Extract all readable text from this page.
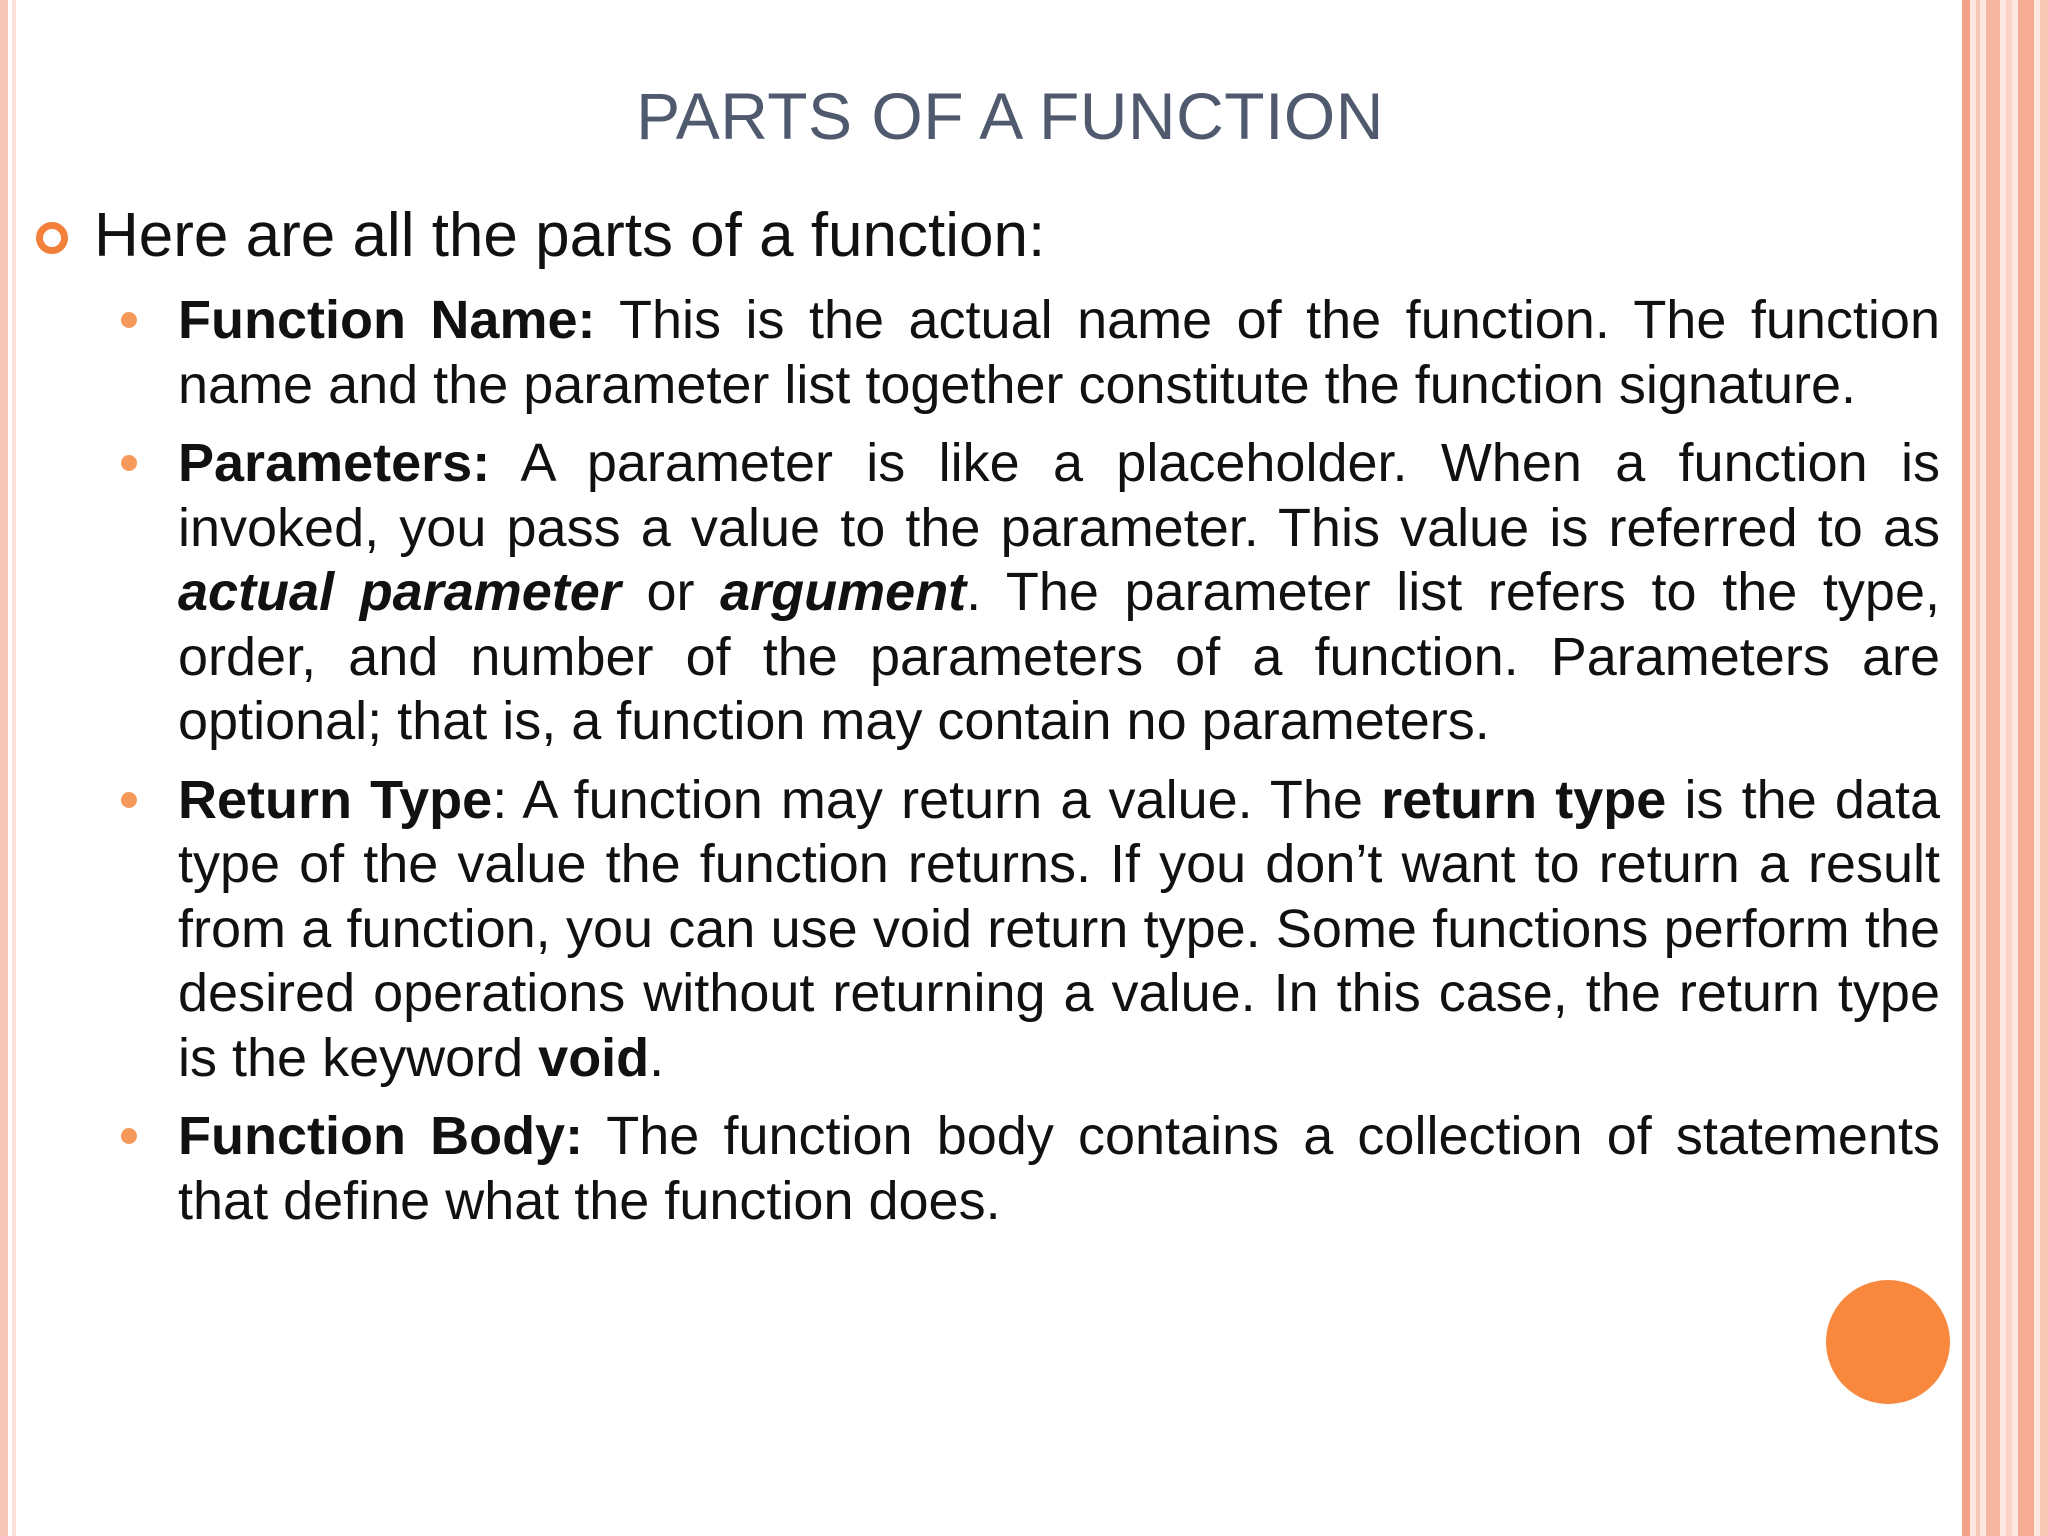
PARTS OF A FUNCTION
Here are all the parts of a function:
Function Name: This is the actual name of the function. The function name and the parameter list together constitute the function signature.
Parameters: A parameter is like a placeholder. When a function is invoked, you pass a value to the parameter. This value is referred to as actual parameter or argument. The parameter list refers to the type, order, and number of the parameters of a function. Parameters are optional; that is, a function may contain no parameters.
Return Type: A function may return a value. The return type is the data type of the value the function returns. If you don’t want to return a result from a function, you can use void return type. Some functions perform the desired operations without returning a value. In this case, the return type is the keyword void.
Function Body: The function body contains a collection of statements that define what the function does.
